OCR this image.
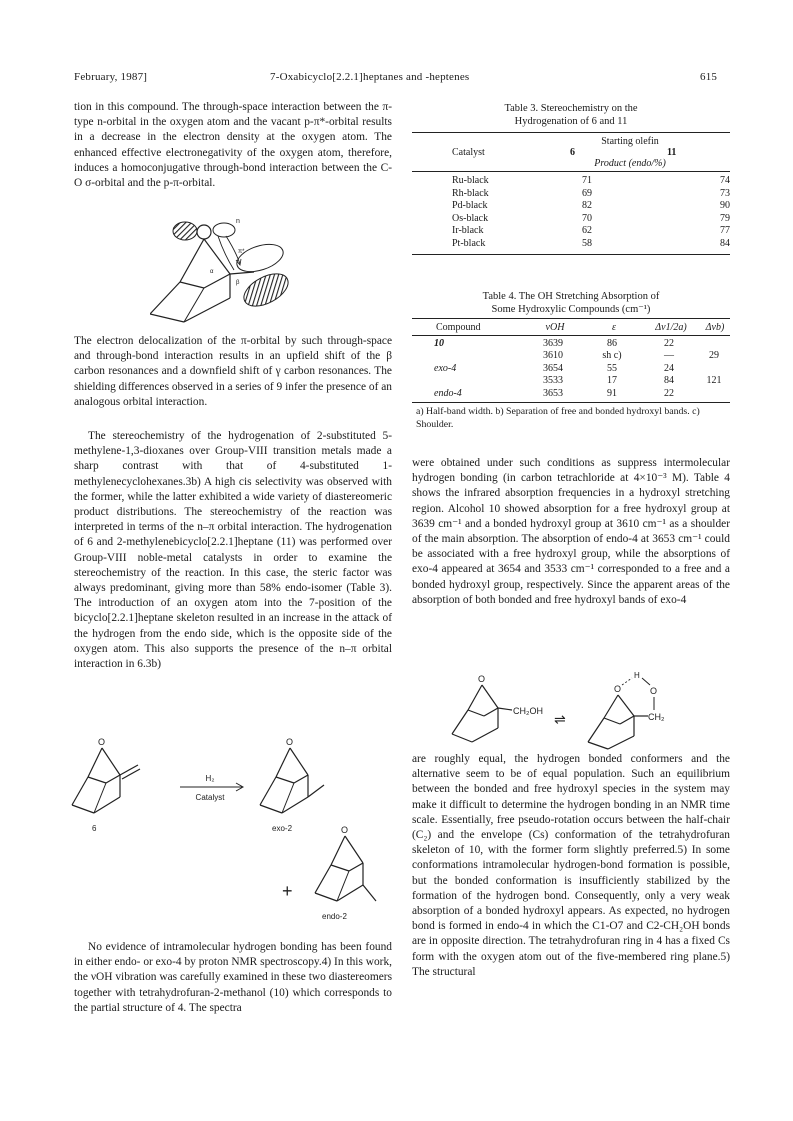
February, 1987]	7-Oxabicyclo[2.2.1]heptanes and -heptenes	615

tion in this compound. The through-space interaction between the π-type n-orbital in the oxygen atom and the vacant p-π*-orbital results in a decrease in the electron density at the oxygen atom. The enhanced effective electronegativity of the oxygen atom, therefore, induces a homoconjugative through-bond interaction between the C-O σ-orbital and the p-π-orbital.

n
π*
α
β

The electron delocalization of the π-orbital by such through-space and through-bond interaction results in an upfield shift of the β carbon resonances and a downfield shift of γ carbon resonances. The shielding differences observed in a series of 9 infer the presence of an analogous orbital interaction.

The stereochemistry of the hydrogenation of 2-substituted 5-methylene-1,3-dioxanes over Group-VIII transition metals made a sharp contrast with that of 4-substituted 1-methylenecyclohexanes.3b) A high cis selectivity was observed with the former, while the latter exhibited a wide variety of diastereomeric product distributions. The stereochemistry of the reaction was interpreted in terms of the n–π orbital interaction. The hydrogenation of 6 and 2-methylenebicyclo[2.2.1]heptane (11) was performed over Group-VIII noble-metal catalysts in order to examine the stereochemistry of the reaction. In this case, the steric factor was always predominant, giving more than 58% endo-isomer (Table 3). The introduction of an oxygen atom into the 7-position of the bicyclo[2.2.1]heptane skeleton resulted in an increase in the attack of the hydrogen from the endo side, which is the opposite side of the oxygen atom. This also supports the presence of the n–π orbital interaction in 6.3b)

O
6
H₂
Catalyst
O
exo-2
+
O
endo-2

No evidence of intramolecular hydrogen bonding has been found in either endo- or exo-4 by proton NMR spectroscopy.4) In this work, the νOH vibration was carefully examined in these two diastereomers together with tetrahydrofuran-2-methanol (10) which corresponds to the partial structure of 4. The spectra

Table 3. Stereochemistry on the
Hydrogenation of 6 and 11
	Starting olefin	
Catalyst	6	11
	Product (endo/%)	
Ru-black	71	74
Rh-black	69	73
Pd-black	82	90
Os-black	70	79
Ir-black	62	77
Pt-black	58	84
Table 4. The OH Stretching Absorption of
Some Hydroxylic Compounds (cm⁻¹)
Compound	νOH	ε	Δν1/2a)	Δνb)
10	3639	86	22	
	3610	sh c)	—	29
exo-4	3654	55	24	
	3533	17	84	121
endo-4	3653	91	22	
a) Half-band width. b) Separation of free and bonded hydroxyl bands. c) Shoulder.

were obtained under such conditions as suppress intermolecular hydrogen bonding (in carbon tetrachloride at 4×10⁻³ M). Table 4 shows the infrared absorption frequencies in a hydroxyl stretching region. Alcohol 10 showed absorption for a free hydroxyl group at 3639 cm⁻¹ and a bonded hydroxyl group at 3610 cm⁻¹ as a shoulder of the main absorption. The absorption of endo-4 at 3653 cm⁻¹ could be associated with a free hydroxyl group, while the absorptions of exo-4 appeared at 3654 and 3533 cm⁻¹ corresponded to a free and a bonded hydroxyl group, respectively. Since the apparent areas of the absorption of both bonded and free hydroxyl bands of exo-4

O
CH₂OH ⇌
O
H
O
CH₂

are roughly equal, the hydrogen bonded conformers and the alternative seem to be of equal population. Such an equilibrium between the bonded and free hydroxyl species in the system may make it difficult to determine the hydrogen bonding in an NMR time scale. Essentially, free pseudo-rotation occurs between the half-chair (C₂) and the envelope (Cs) conformation of the tetrahydrofuran skeleton of 10, with the former form slightly preferred.5) In some conformations intramolecular hydrogen-bond formation is possible, but the bonded conformation is insufficiently stabilized by the formation of the hydrogen bond. Consequently, only a very weak absorption of a bonded hydroxyl appears. As expected, no hydrogen bond is formed in endo-4 in which the C1-O7 and C2-CH₂OH bonds are in opposite direction. The tetrahydrofuran ring in 4 has a fixed Cs form with the oxygen atom out of the five-membered ring plane.5) The structural
